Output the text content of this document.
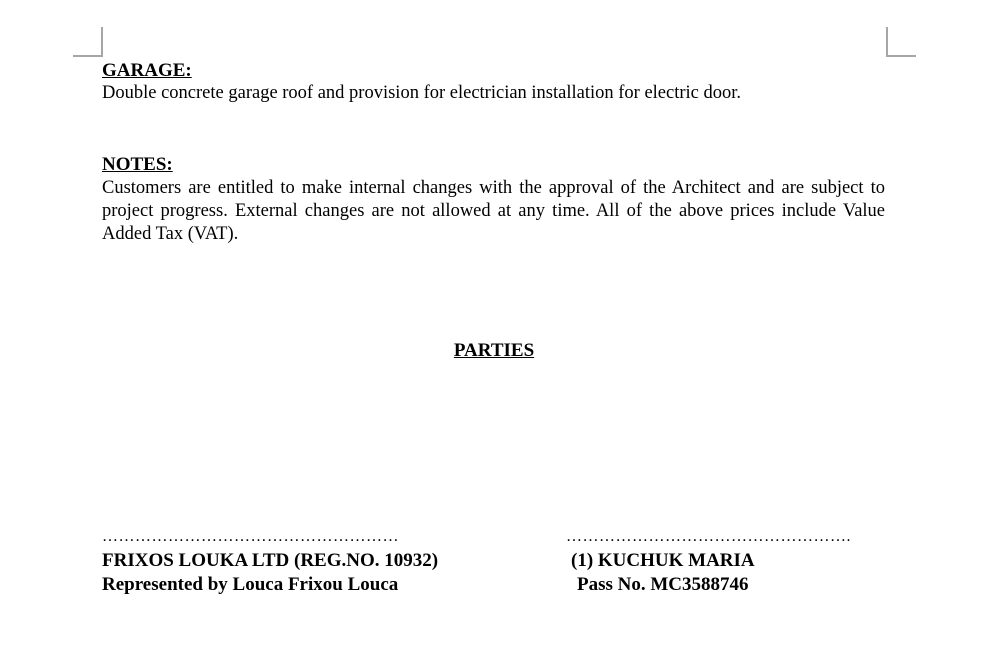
GARAGE:

Double concrete garage roof and provision for electrician installation for electric door.

NOTES:

Customers are entitled to make internal changes with the approval of the Architect and are subject to project progress. External changes are not allowed at any time. All of the above prices include Value Added Tax (VAT).

PARTIES
………………………………………………	…………………………………………….
FRIXOS LOUKA LTD (REG.NO. 10932)
Represented by Louca Frixou Louca
(1) KUCHUK MARIA
Pass No. MC3588746
